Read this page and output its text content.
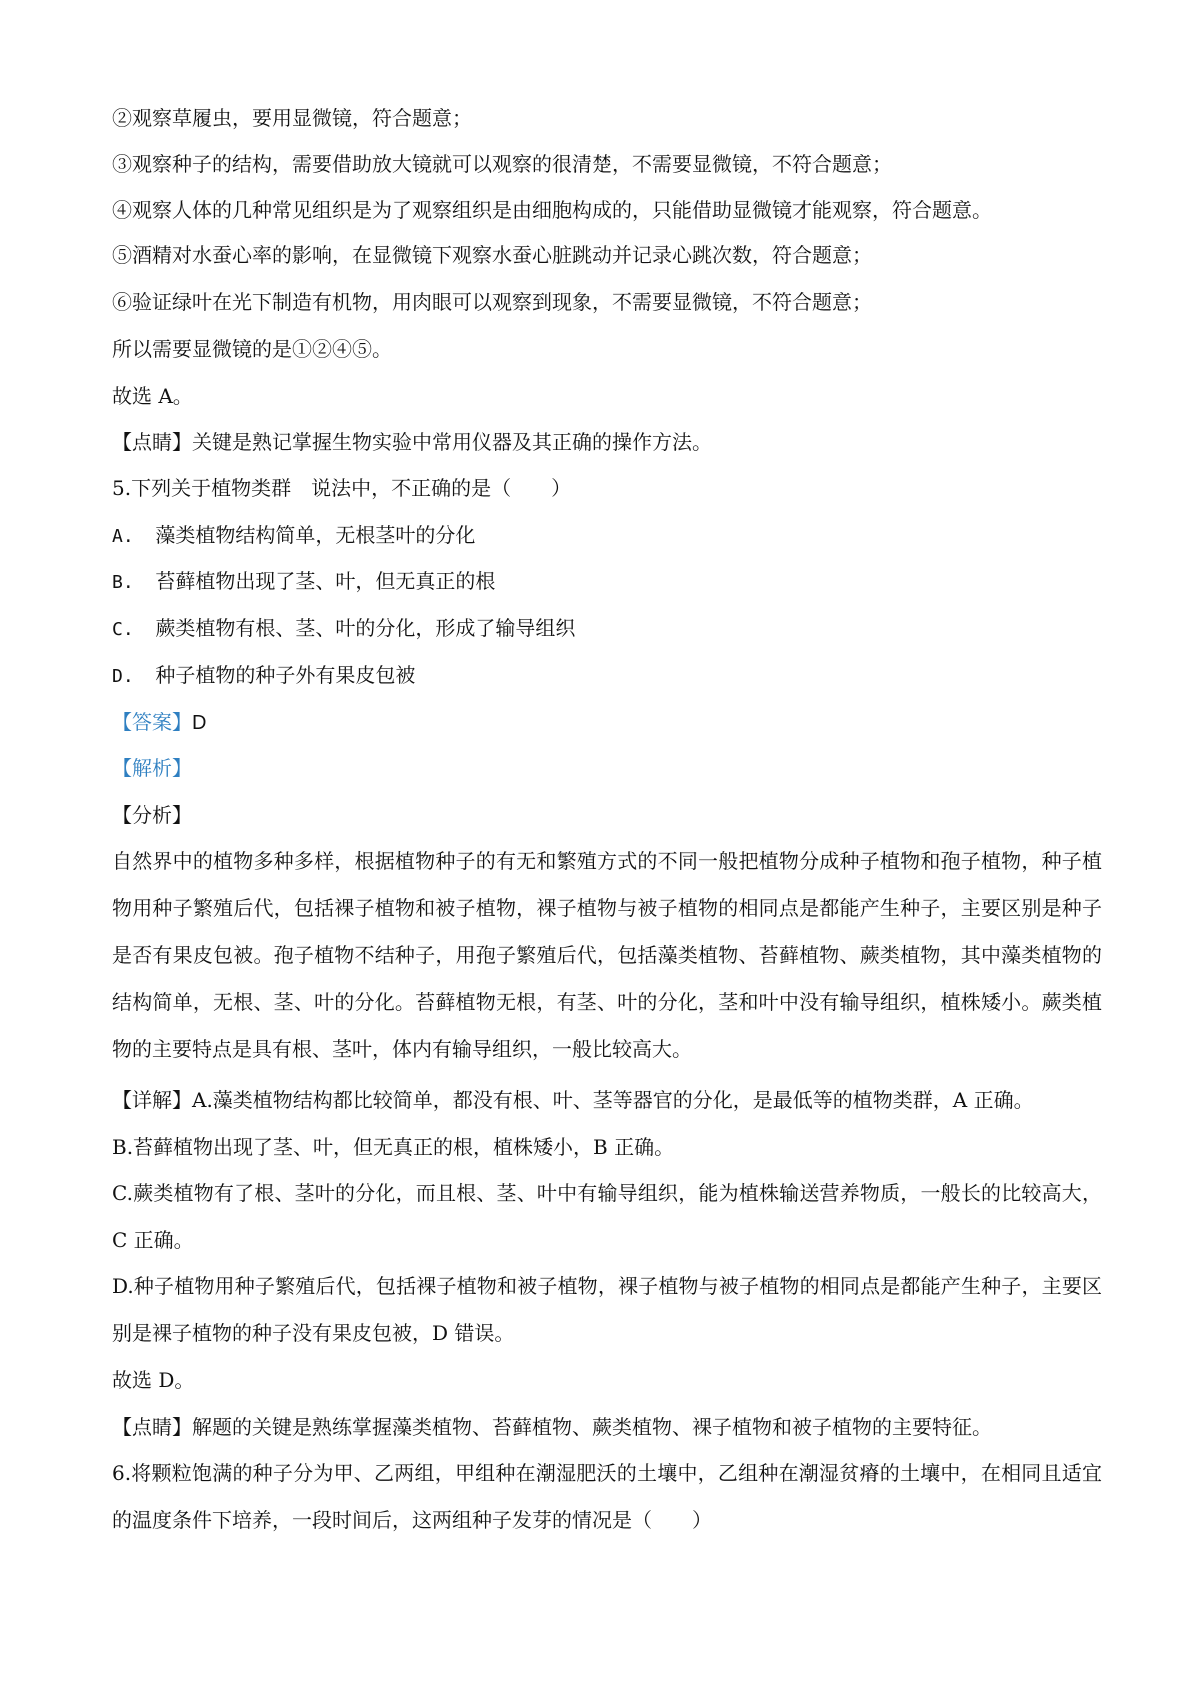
②观察草履虫，要用显微镜，符合题意；
③观察种子的结构，需要借助放大镜就可以观察的很清楚，不需要显微镜，不符合题意；
④观察人体的几种常见组织是为了观察组织是由细胞构成的，只能借助显微镜才能观察，符合题意。
⑤酒精对水蚕心率的影响，在显微镜下观察水蚕心脏跳动并记录心跳次数，符合题意；
⑥验证绿叶在光下制造有机物，用肉眼可以观察到现象，不需要显微镜，不符合题意；
所以需要显微镜的是①②④⑤。
故选 A。
【点睛】关键是熟记掌握生物实验中常用仪器及其正确的操作方法。
5.下列关于植物类群　说法中，不正确的是（　　）
A. 藻类植物结构简单，无根茎叶的分化
B. 苔藓植物出现了茎、叶，但无真正的根
C. 蕨类植物有根、茎、叶的分化，形成了输导组织
D. 种子植物的种子外有果皮包被
【答案】D
【解析】
【分析】
自然界中的植物多种多样，根据植物种子的有无和繁殖方式的不同一般把植物分成种子植物和孢子植物，种子植物用种子繁殖后代，包括裸子植物和被子植物，裸子植物与被子植物的相同点是都能产生种子，主要区别是种子是否有果皮包被。孢子植物不结种子，用孢子繁殖后代，包括藻类植物、苔藓植物、蕨类植物，其中藻类植物的结构简单，无根、茎、叶的分化。苔藓植物无根，有茎、叶的分化，茎和叶中没有输导组织，植株矮小。蕨类植物的主要特点是具有根、茎叶，体内有输导组织，一般比较高大。
【详解】A.藻类植物结构都比较简单，都没有根、叶、茎等器官的分化，是最低等的植物类群，A 正确。
B.苔藓植物出现了茎、叶，但无真正的根，植株矮小，B 正确。
C.蕨类植物有了根、茎叶的分化，而且根、茎、叶中有输导组织，能为植株输送营养物质，一般长的比较高大，C 正确。
D.种子植物用种子繁殖后代，包括裸子植物和被子植物，裸子植物与被子植物的相同点是都能产生种子，主要区别是裸子植物的种子没有果皮包被，D 错误。
故选 D。
【点睛】解题的关键是熟练掌握藻类植物、苔藓植物、蕨类植物、裸子植物和被子植物的主要特征。
6.将颗粒饱满的种子分为甲、乙两组，甲组种在潮湿肥沃的土壤中，乙组种在潮湿贫瘠的土壤中，在相同且适宜的温度条件下培养，一段时间后，这两组种子发芽的情况是（　　）
